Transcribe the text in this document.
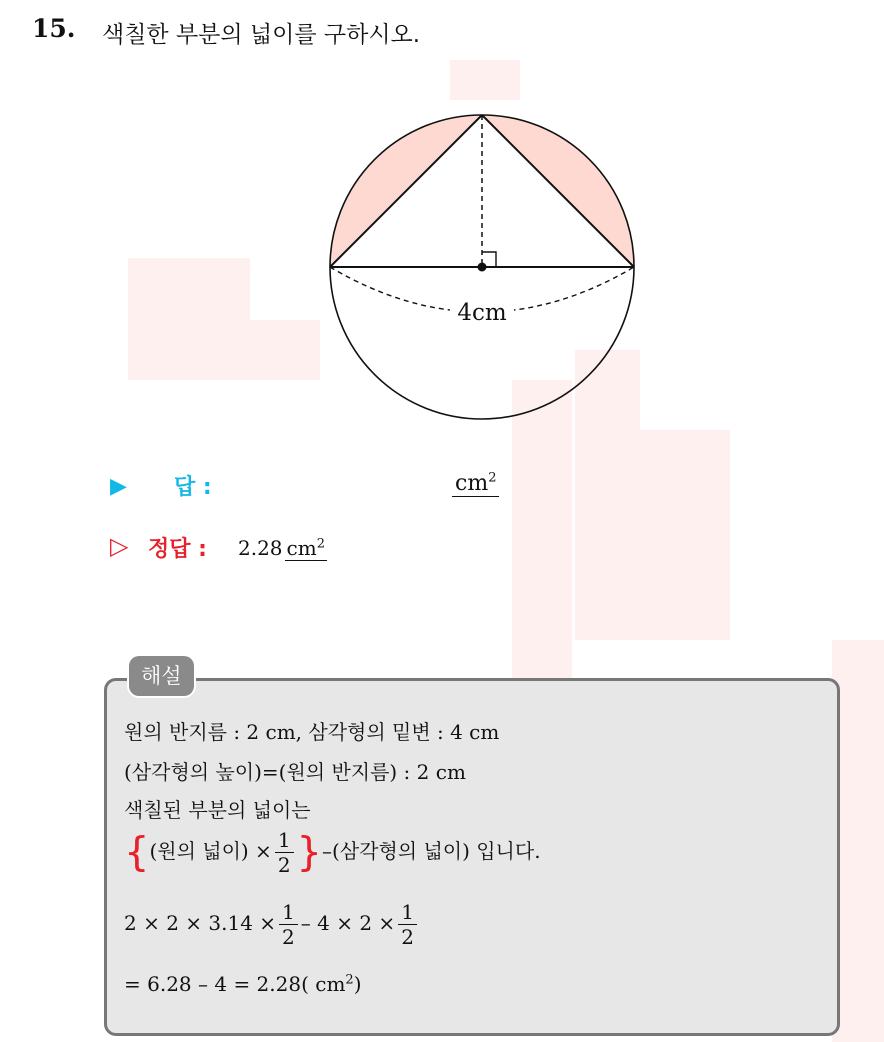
15. 색칠한 부분의 넓이를 구하시오.
4cm
▶ 답 :	$cm^2$
▷ 정답 : 2.28 $cm^2$
해설
원의 반지름 : 2 cm, 삼각형의 밑변 : 4 cm
(삼각형의 높이)=(원의 반지름) : 2 cm
색칠된 부분의 넓이는
{(원의 넓이) × $\frac{1}{2}$ }–(삼각형의 넓이) 입니다.
$2 \times 2 \times 3.14 \times \frac{1}{2} - 4 \times 2 \times \frac{1}{2}$
= 6.28 – 4 = 2.28( $cm^2$)
